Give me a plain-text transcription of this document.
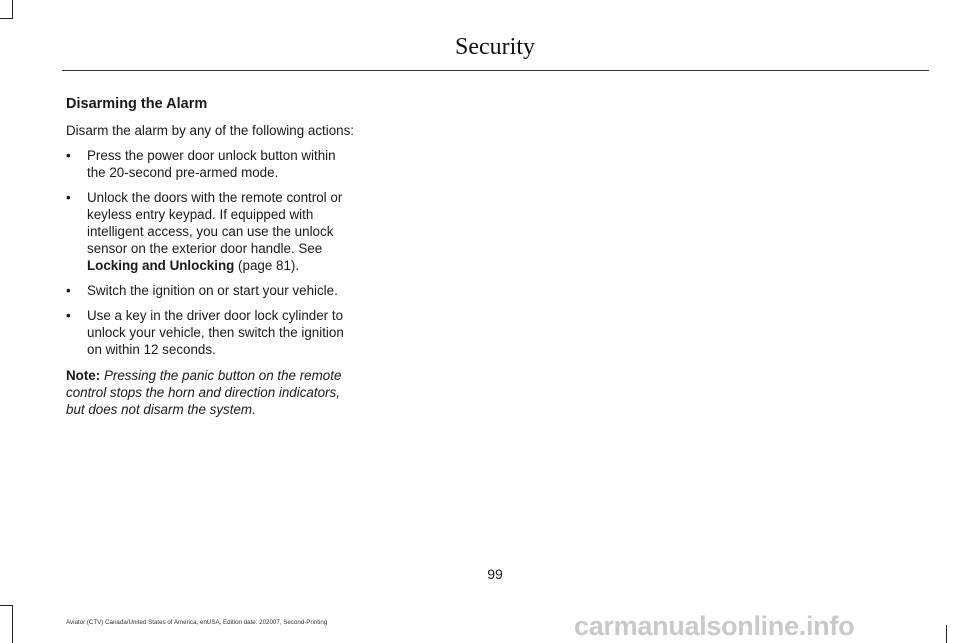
Security
Disarming the Alarm
Disarm the alarm by any of the following actions:
• Press the power door unlock button within the 20-second pre-armed mode.
• Unlock the doors with the remote control or keyless entry keypad. If equipped with intelligent access, you can use the unlock sensor on the exterior door handle. See Locking and Unlocking (page 81).
• Switch the ignition on or start your vehicle.
• Use a key in the driver door lock cylinder to unlock your vehicle, then switch the ignition on within 12 seconds.
Note: Pressing the panic button on the remote control stops the horn and direction indicators, but does not disarm the system.
99
Aviator (CTV) Canada/United States of America, enUSA, Edition date: 202007, Second-Printing	carmanualsonline.info
